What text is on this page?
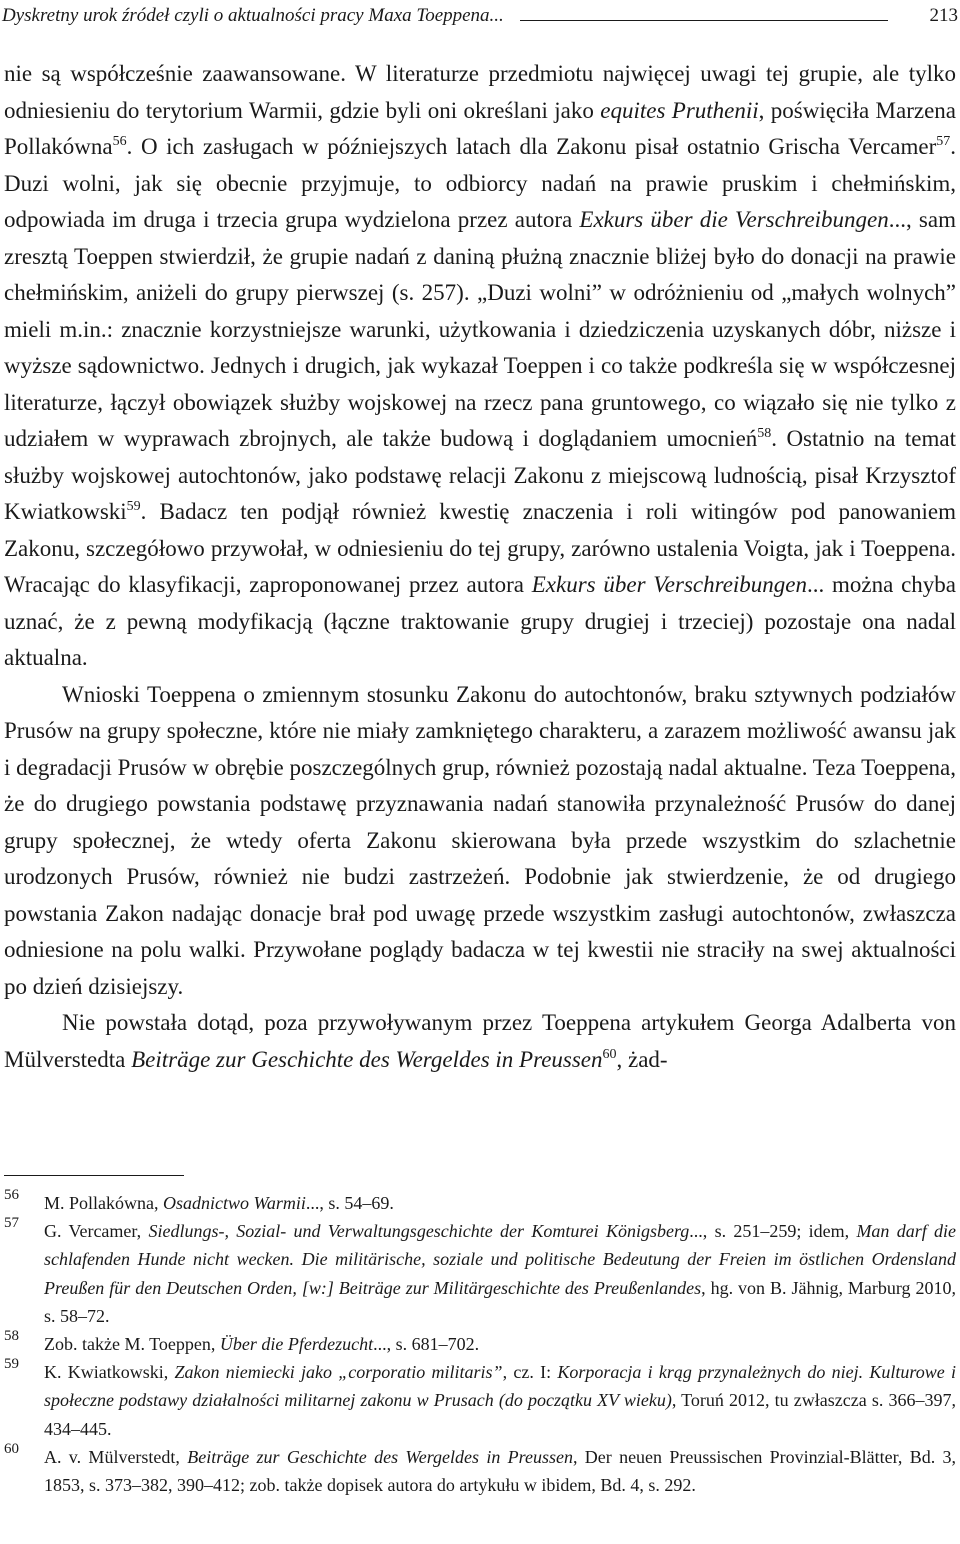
Dyskretny urok źródeł czyli o aktualności pracy Maxa Toeppena...	213

nie są współcześnie zaawansowane. W literaturze przedmiotu najwięcej uwagi tej grupie, ale tylko odniesieniu do terytorium Warmii, gdzie byli oni określani jako equites Pruthenii, poświęciła Marzena Pollakówna$^{56}$. O ich zasługach w późniejszych latach dla Zakonu pisał ostatnio Grischa Vercamer$^{57}$. Duzi wolni, jak się obecnie przyjmuje, to odbiorcy nadań na prawie pruskim i chełmińskim, odpowiada im druga i trzecia grupa wydzielona przez autora Exkurs über die Verschreibungen..., sam zresztą Toeppen stwierdził, że grupie nadań z daniną płużną znacznie bliżej było do donacji na prawie chełmińskim, aniżeli do grupy pierwszej (s. 257). „Duzi wolni” w odróżnieniu od „małych wolnych” mieli m.in.: znacznie korzystniejsze warunki, użytkowania i dziedziczenia uzyskanych dóbr, niższe i wyższe sądownictwo. Jednych i drugich, jak wykazał Toeppen i co także podkreśla się w współczesnej literaturze, łączył obowiązek służby wojskowej na rzecz pana gruntowego, co wiązało się nie tylko z udziałem w wyprawach zbrojnych, ale także budową i doglądaniem umocnień$^{58}$. Ostatnio na temat służby wojskowej autochtonów, jako podstawę relacji Zakonu z miejscową ludnością, pisał Krzysztof Kwiatkowski$^{59}$. Badacz ten podjął również kwestię znaczenia i roli witingów pod panowaniem Zakonu, szczegółowo przywołał, w odniesieniu do tej grupy, zarówno ustalenia Voigta, jak i Toeppena. Wracając do klasyfikacji, zaproponowanej przez autora Exkurs über Verschreibungen... można chyba uznać, że z pewną modyfikacją (łączne traktowanie grupy drugiej i trzeciej) pozostaje ona nadal aktualna.

Wnioski Toeppena o zmiennym stosunku Zakonu do autochtonów, braku sztywnych podziałów Prusów na grupy społeczne, które nie miały zamkniętego charakteru, a zarazem możliwość awansu jak i degradacji Prusów w obrębie poszczególnych grup, również pozostają nadal aktualne. Teza Toeppena, że do drugiego powstania podstawę przyznawania nadań stanowiła przynależność Prusów do danej grupy społecznej, że wtedy oferta Zakonu skierowana była przede wszystkim do szlachetnie urodzonych Prusów, również nie budzi zastrzeżeń. Podobnie jak stwierdzenie, że od drugiego powstania Zakon nadając donacje brał pod uwagę przede wszystkim zasługi autochtonów, zwłaszcza odniesione na polu walki. Przywołane poglądy badacza w tej kwestii nie straciły na swej aktualności po dzień dzisiejszy.

Nie powstała dotąd, poza przywoływanym przez Toeppena artykułem Georga Adalberta von Mülverstedta Beiträge zur Geschichte des Wergeldes in Preussen$^{60}$, żad-

56 M. Pollakówna, Osadnictwo Warmii..., s. 54–69.

57 G. Vercamer, Siedlungs-, Sozial- und Verwaltungsgeschichte der Komturei Königsberg..., s. 251–259; idem, Man darf die schlafenden Hunde nicht wecken. Die militärische, soziale und politische Bedeutung der Freien im östlichen Ordensland Preußen für den Deutschen Orden, [w:] Beiträge zur Militärgeschichte des Preußenlandes, hg. von B. Jähnig, Marburg 2010, s. 58–72.

58 Zob. także M. Toeppen, Über die Pferdezucht..., s. 681–702.

59 K. Kwiatkowski, Zakon niemiecki jako „corporatio militaris”, cz. I: Korporacja i krąg przynależnych do niej. Kulturowe i społeczne podstawy działalności militarnej zakonu w Prusach (do początku XV wieku), Toruń 2012, tu zwłaszcza s. 366–397, 434–445.

60 A. v. Mülverstedt, Beiträge zur Geschichte des Wergeldes in Preussen, Der neuen Preussischen Provinzial-Blätter, Bd. 3, 1853, s. 373–382, 390–412; zob. także dopisek autora do artykułu w ibidem, Bd. 4, s. 292.
